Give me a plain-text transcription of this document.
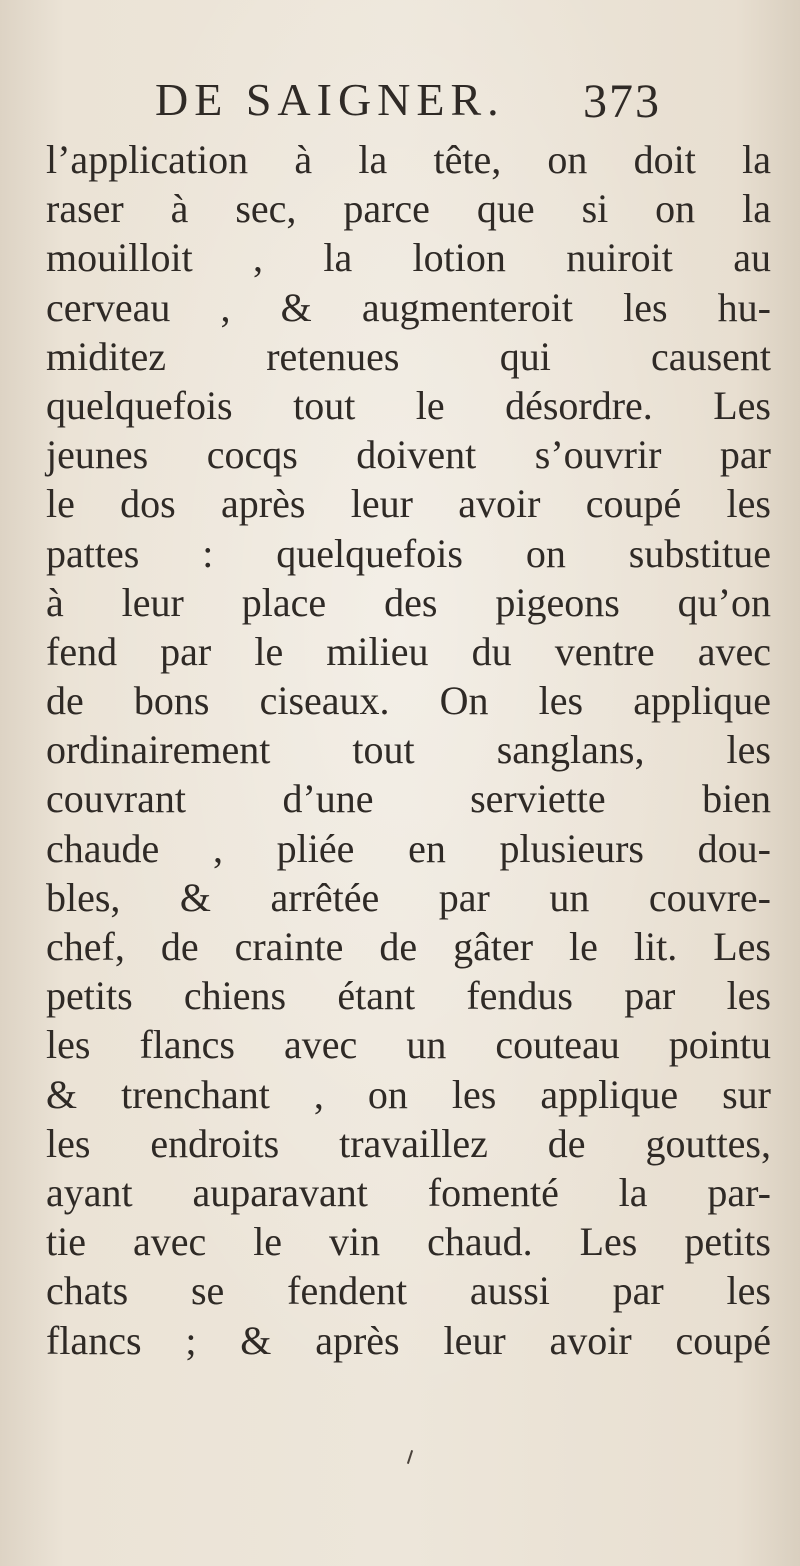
DE SAIGNER. 373
l’application à la tête, on doit la
raser à sec, parce que si on la
mouilloit , la lotion nuiroit au
cerveau , & augmenteroit les hu-
miditez retenues qui causent
quelquefois tout le désordre. Les
jeunes cocqs doivent s’ouvrir par
le dos après leur avoir coupé les
pattes : quelquefois on substitue
à leur place des pigeons qu’on
fend par le milieu du ventre avec
de bons ciseaux. On les applique
ordinairement tout sanglans, les
couvrant d’une serviette bien
chaude , pliée en plusieurs dou-
bles, & arrêtée par un couvre-
chef, de crainte de gâter le lit. Les
petits chiens étant fendus par les
les flancs avec un couteau pointu
& trenchant , on les applique sur
les endroits travaillez de gouttes,
ayant auparavant fomenté la par-
tie avec le vin chaud. Les petits
chats se fendent aussi par les
flancs ; & après leur avoir coupé
